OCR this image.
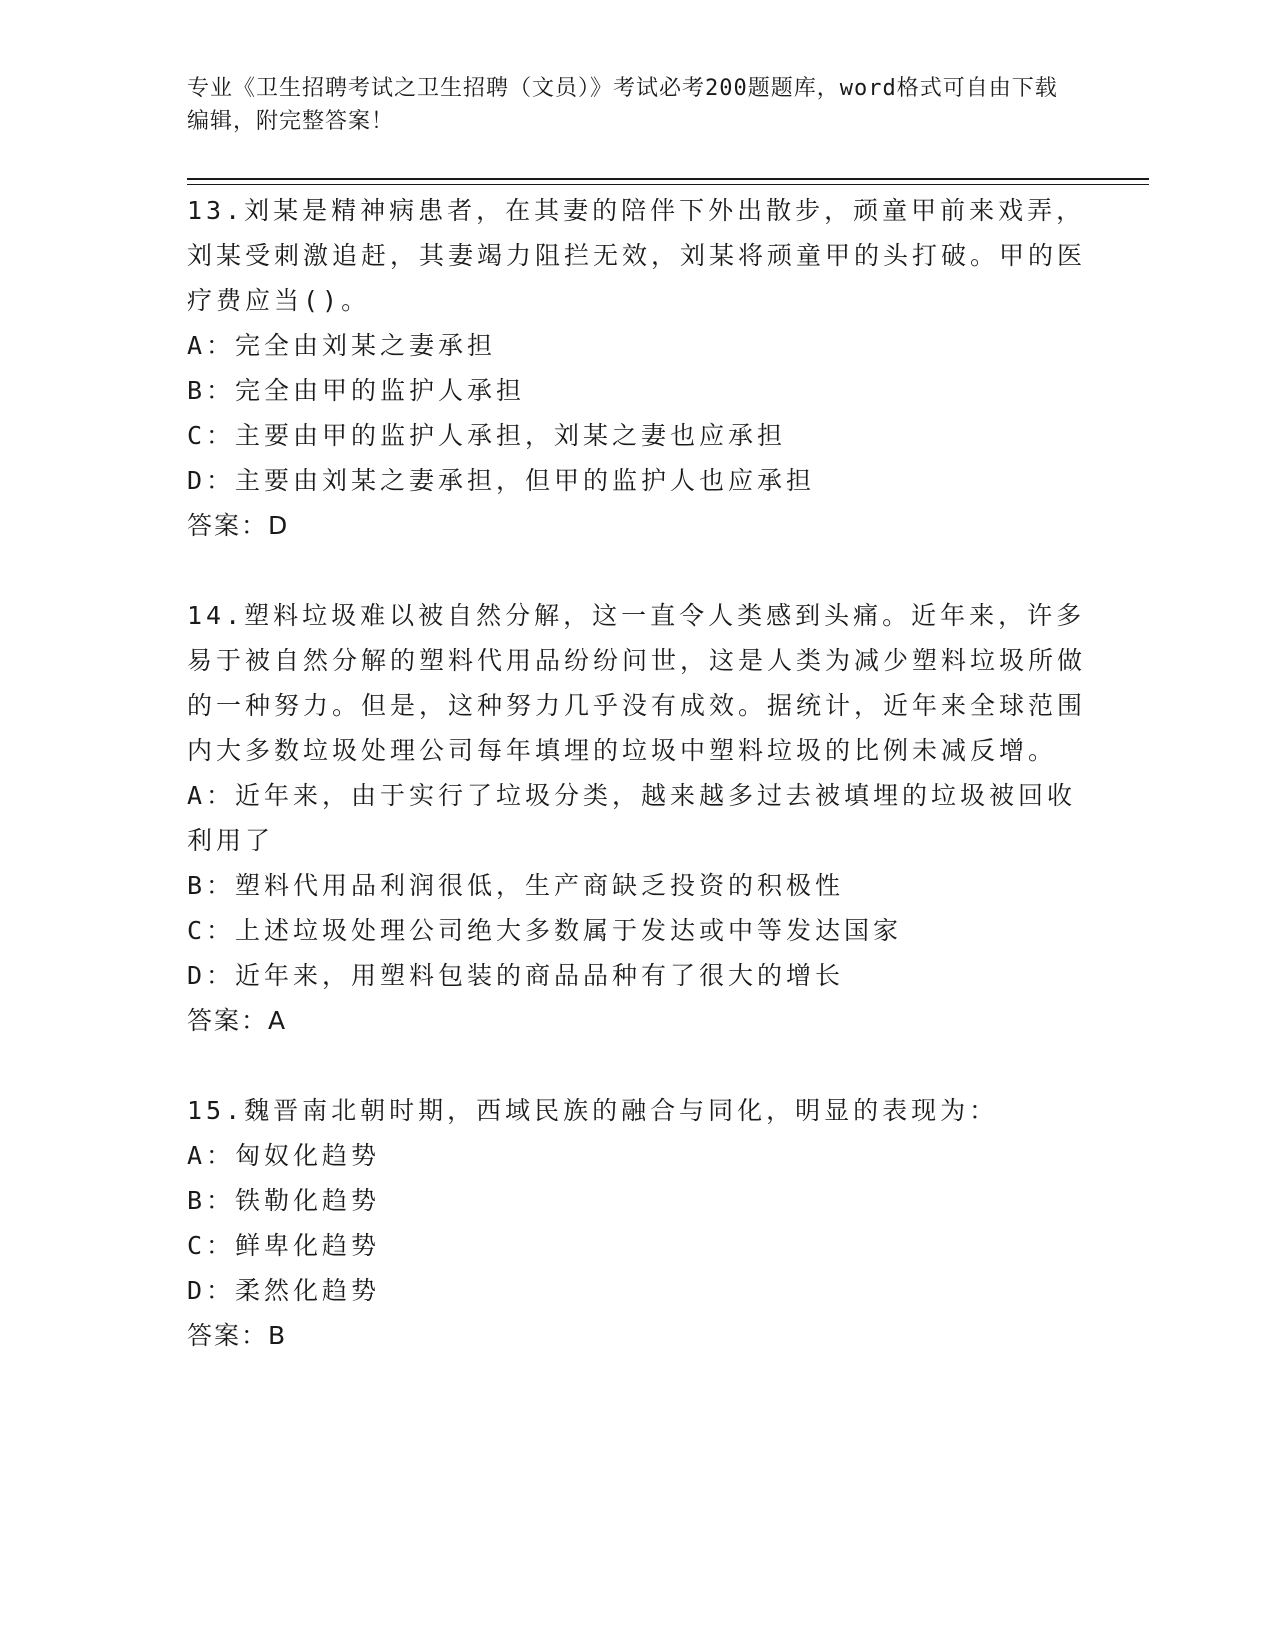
专业《卫生招聘考试之卫生招聘（文员）》考试必考200题题库，word格式可自由下载编辑，附完整答案！

13.刘某是精神病患者，在其妻的陪伴下外出散步，顽童甲前来戏弄，刘某受刺激追赶，其妻竭力阻拦无效，刘某将顽童甲的头打破。甲的医疗费应当()。

A：完全由刘某之妻承担

B：完全由甲的监护人承担

C：主要由甲的监护人承担，刘某之妻也应承担

D：主要由刘某之妻承担，但甲的监护人也应承担

答案：D

14.塑料垃圾难以被自然分解，这一直令人类感到头痛。近年来，许多易于被自然分解的塑料代用品纷纷问世，这是人类为减少塑料垃圾所做的一种努力。但是，这种努力几乎没有成效。据统计，近年来全球范围内大多数垃圾处理公司每年填埋的垃圾中塑料垃圾的比例未减反增。

A：近年来，由于实行了垃圾分类，越来越多过去被填埋的垃圾被回收利用了

B：塑料代用品利润很低，生产商缺乏投资的积极性

C：上述垃圾处理公司绝大多数属于发达或中等发达国家

D：近年来，用塑料包装的商品品种有了很大的增长

答案：A

15.魏晋南北朝时期，西域民族的融合与同化，明显的表现为：

A：匈奴化趋势

B：铁勒化趋势

C：鲜卑化趋势

D：柔然化趋势

答案：B
